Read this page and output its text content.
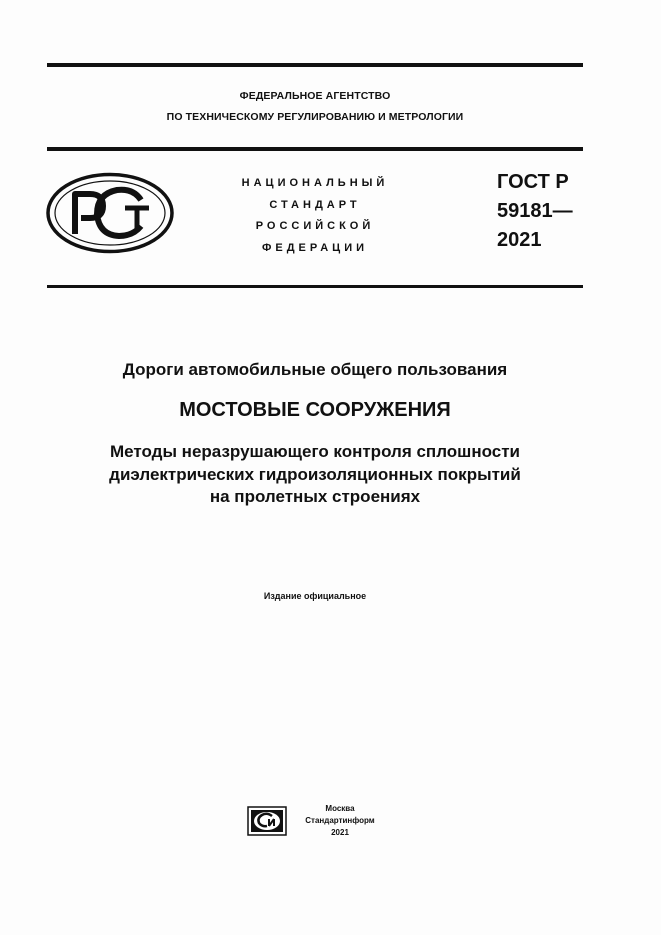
ФЕДЕРАЛЬНОЕ АГЕНТСТВО
ПО ТЕХНИЧЕСКОМУ РЕГУЛИРОВАНИЮ И МЕТРОЛОГИИ
НАЦИОНАЛЬНЫЙ
СТАНДАРТ
РОССИЙСКОЙ
ФЕДЕРАЦИИ
ГОСТ Р
59181—
2021
Дороги автомобильные общего пользования
МОСТОВЫЕ СООРУЖЕНИЯ
Методы неразрушающего контроля сплошности
диэлектрических гидроизоляционных покрытий
на пролетных строениях
Издание официальное
Москва
Стандартинформ
2021
